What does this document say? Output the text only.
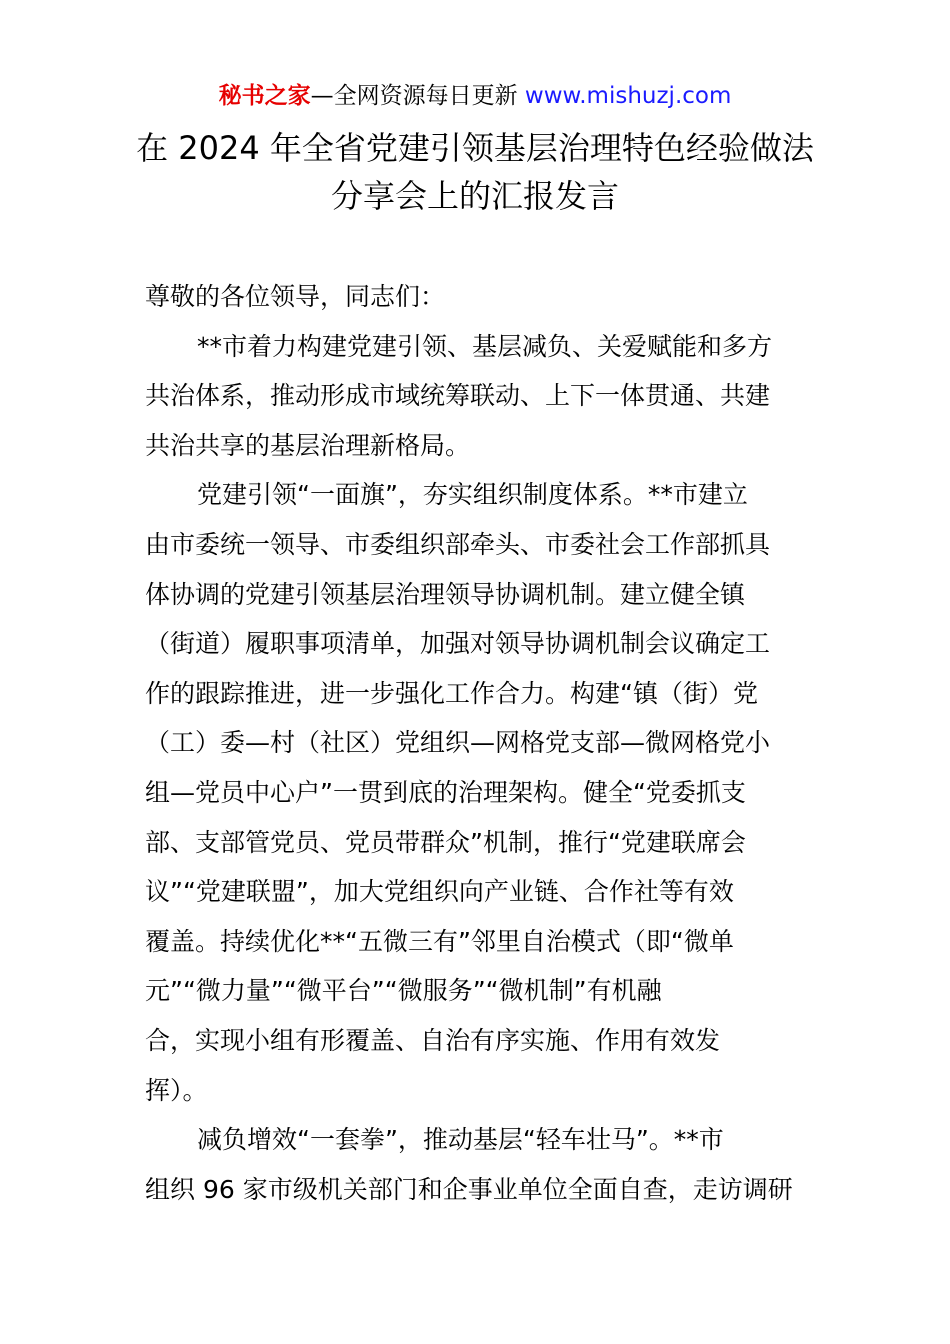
秘书之家—全网资源每日更新 www.mishuzj.com
在 2024 年全省党建引领基层治理特色经验做法
分享会上的汇报发言
尊敬的各位领导，同志们：
**市着力构建党建引领、基层减负、关爱赋能和多方
共治体系，推动形成市域统筹联动、上下一体贯通、共建
共治共享的基层治理新格局。
党建引领“一面旗”，夯实组织制度体系。**市建立
由市委统一领导、市委组织部牵头、市委社会工作部抓具
体协调的党建引领基层治理领导协调机制。建立健全镇
（街道）履职事项清单，加强对领导协调机制会议确定工
作的跟踪推进，进一步强化工作合力。构建“镇（街）党
（工）委—村（社区）党组织—网格党支部—微网格党小
组—党员中心户”一贯到底的治理架构。健全“党委抓支
部、支部管党员、党员带群众”机制，推行“党建联席会
议”“党建联盟”，加大党组织向产业链、合作社等有效
覆盖。持续优化**“五微三有”邻里自治模式（即“微单
元”“微力量”“微平台”“微服务”“微机制”有机融
合，实现小组有形覆盖、自治有序实施、作用有效发
挥）。
减负增效“一套拳”，推动基层“轻车壮马”。**市
组织 96 家市级机关部门和企事业单位全面自查，走访调研
